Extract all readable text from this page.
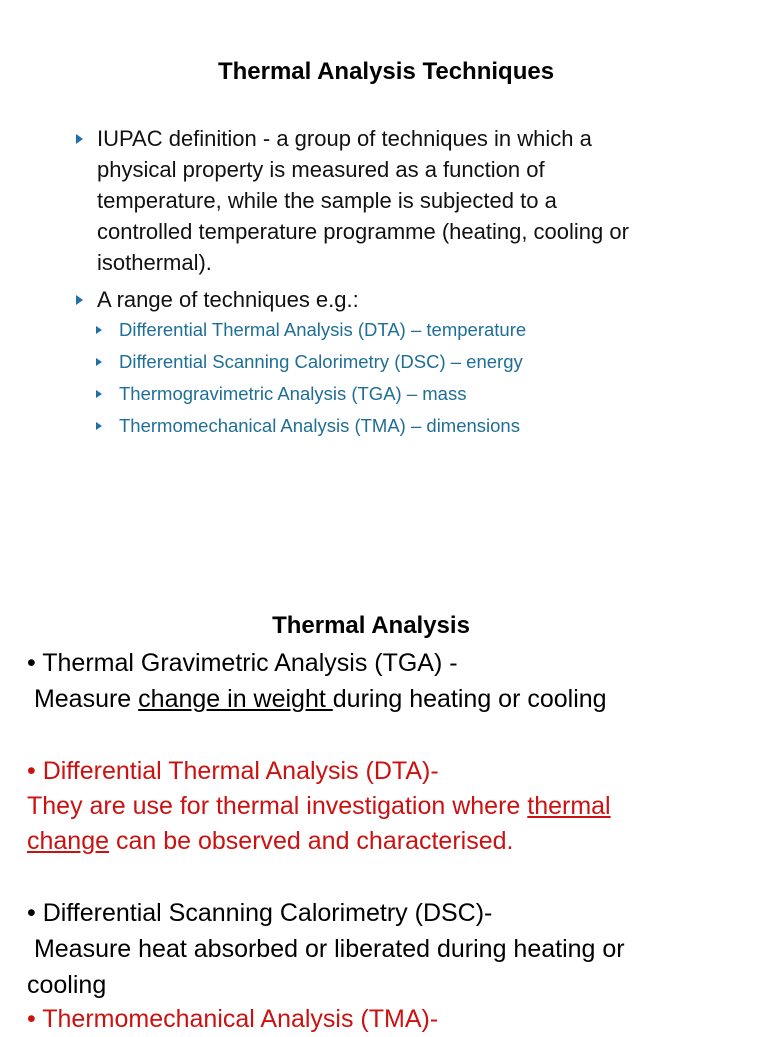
Thermal Analysis Techniques
IUPAC definition - a group of techniques in which a
physical property is measured as a function of
temperature, while the sample is subjected to a
controlled temperature programme (heating, cooling or
isothermal).
A range of techniques e.g.:
Differential Thermal Analysis (DTA) – temperature
Differential Scanning Calorimetry (DSC) – energy
Thermogravimetric Analysis (TGA) – mass
Thermomechanical Analysis (TMA) – dimensions
Thermal Analysis
• Thermal Gravimetric Analysis (TGA) -
Measure change in weight during heating or cooling
• Differential Thermal Analysis (DTA)-
They are use for thermal investigation where thermal
change can be observed and characterised.
• Differential Scanning Calorimetry (DSC)-
Measure heat absorbed or liberated during heating or
cooling
• Thermomechanical Analysis (TMA)-
